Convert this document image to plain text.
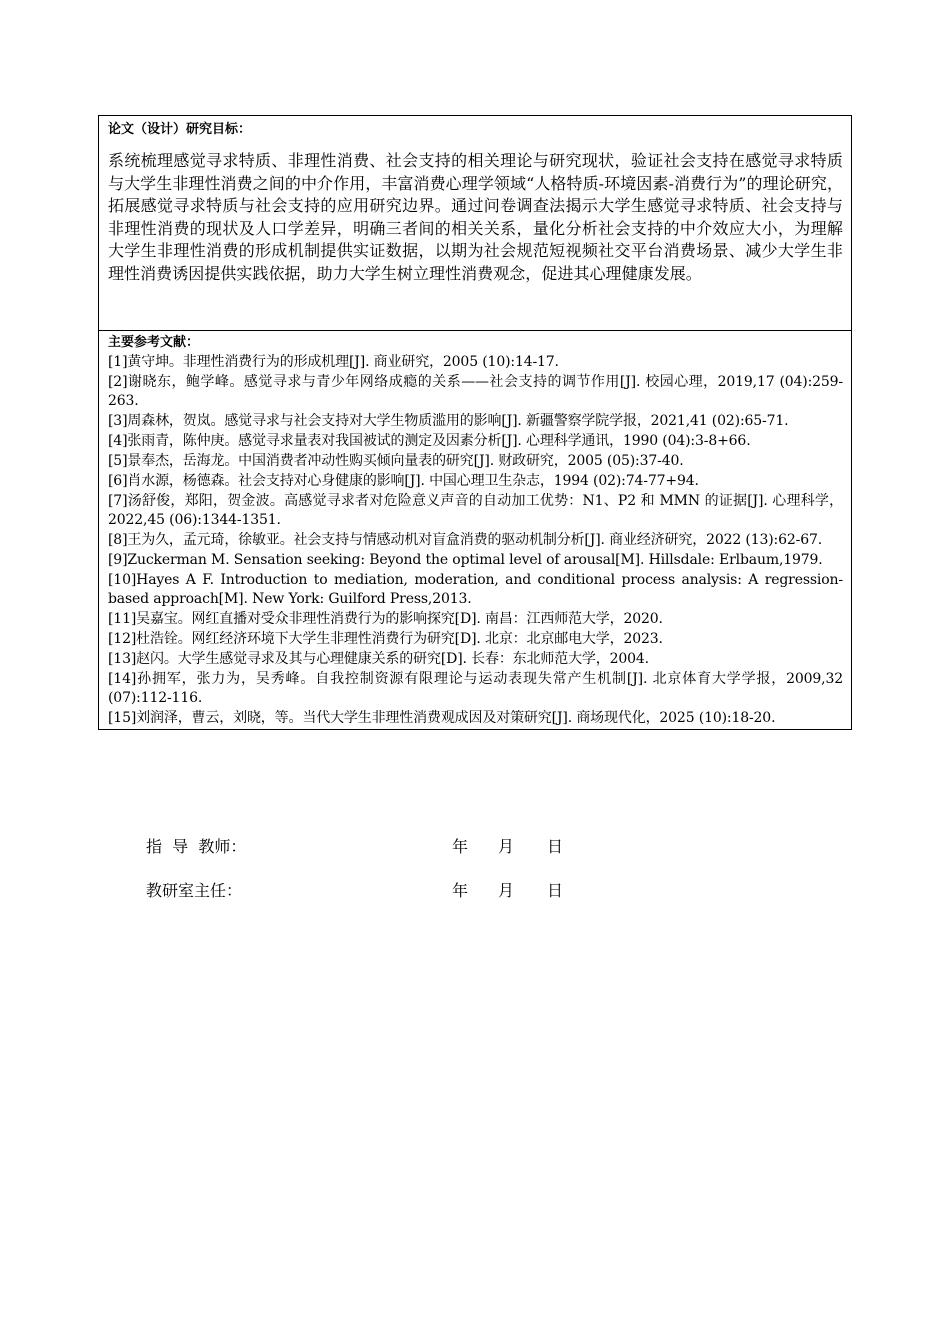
论文（设计）研究目标：

系统梳理感觉寻求特质、非理性消费、社会支持的相关理论与研究现状，验证社会支持在感觉寻求特质与大学生非理性消费之间的中介作用，丰富消费心理学领域“人格特质-环境因素-消费行为”的理论研究，拓展感觉寻求特质与社会支持的应用研究边界。通过问卷调查法揭示大学生感觉寻求特质、社会支持与非理性消费的现状及人口学差异，明确三者间的相关关系，量化分析社会支持的中介效应大小，为理解大学生非理性消费的形成机制提供实证数据，以期为社会规范短视频社交平台消费场景、减少大学生非理性消费诱因提供实践依据，助力大学生树立理性消费观念，促进其心理健康发展。

主要参考文献：

[1]黄守坤。非理性消费行为的形成机理[J]. 商业研究，2005 (10):14-17.
[2]谢晓东，鲍学峰。感觉寻求与青少年网络成瘾的关系——社会支持的调节作用[J]. 校园心理，2019,17 (04):259-263.
[3]周森林，贺岚。感觉寻求与社会支持对大学生物质滥用的影响[J]. 新疆警察学院学报，2021,41 (02):65-71.
[4]张雨青，陈仲庚。感觉寻求量表对我国被试的测定及因素分析[J]. 心理科学通讯，1990 (04):3-8+66.
[5]景奉杰，岳海龙。中国消费者冲动性购买倾向量表的研究[J]. 财政研究，2005 (05):37-40.
[6]肖水源，杨德森。社会支持对心身健康的影响[J]. 中国心理卫生杂志，1994 (02):74-77+94.
[7]汤舒俊，郑阳，贺金波。高感觉寻求者对危险意义声音的自动加工优势：N1、P2 和 MMN 的证据[J]. 心理科学，2022,45 (06):1344-1351.
[8]王为久，孟元琦，徐敏亚。社会支持与情感动机对盲盒消费的驱动机制分析[J]. 商业经济研究，2022 (13):62-67.
[9]Zuckerman M. Sensation seeking: Beyond the optimal level of arousal[M]. Hillsdale: Erlbaum,1979.
[10]Hayes A F. Introduction to mediation, moderation, and conditional process analysis: A regression-based approach[M]. New York: Guilford Press,2013.
[11]吴嘉宝。网红直播对受众非理性消费行为的影响探究[D]. 南昌：江西师范大学，2020.
[12]杜浩铨。网红经济环境下大学生非理性消费行为研究[D]. 北京：北京邮电大学，2023.
[13]赵闪。大学生感觉寻求及其与心理健康关系的研究[D]. 长春：东北师范大学，2004.
[14]孙拥军，张力为，吴秀峰。自我控制资源有限理论与运动表现失常产生机制[J]. 北京体育大学学报，2009,32 (07):112-116.
[15]刘润泽，曹云，刘晓，等。当代大学生非理性消费观成因及对策研究[J]. 商场现代化，2025 (10):18-20.
指  导  教师：	年 月 日
教研室主任：	年 月 日
